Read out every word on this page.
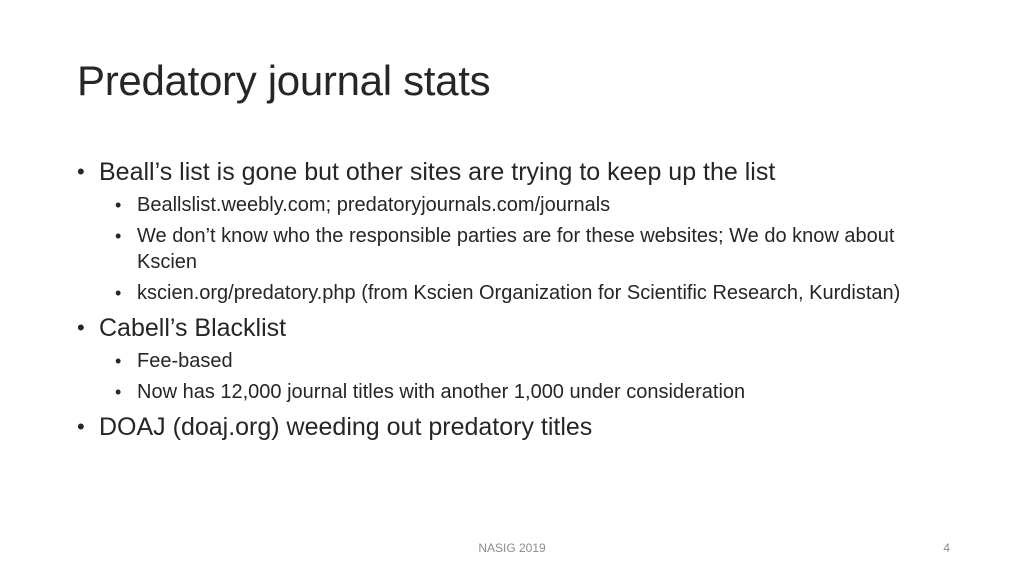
Predatory journal stats
• Beall’s list is gone but other sites are trying to keep up the list
• Beallslist.weebly.com; predatoryjournals.com/journals
• We don’t know who the responsible parties are for these websites; We do know about Kscien
• kscien.org/predatory.php (from Kscien Organization for Scientific Research, Kurdistan)
• Cabell’s Blacklist
• Fee-based
• Now has 12,000 journal titles with another 1,000 under consideration
• DOAJ (doaj.org) weeding out predatory titles
NASIG 2019	4
